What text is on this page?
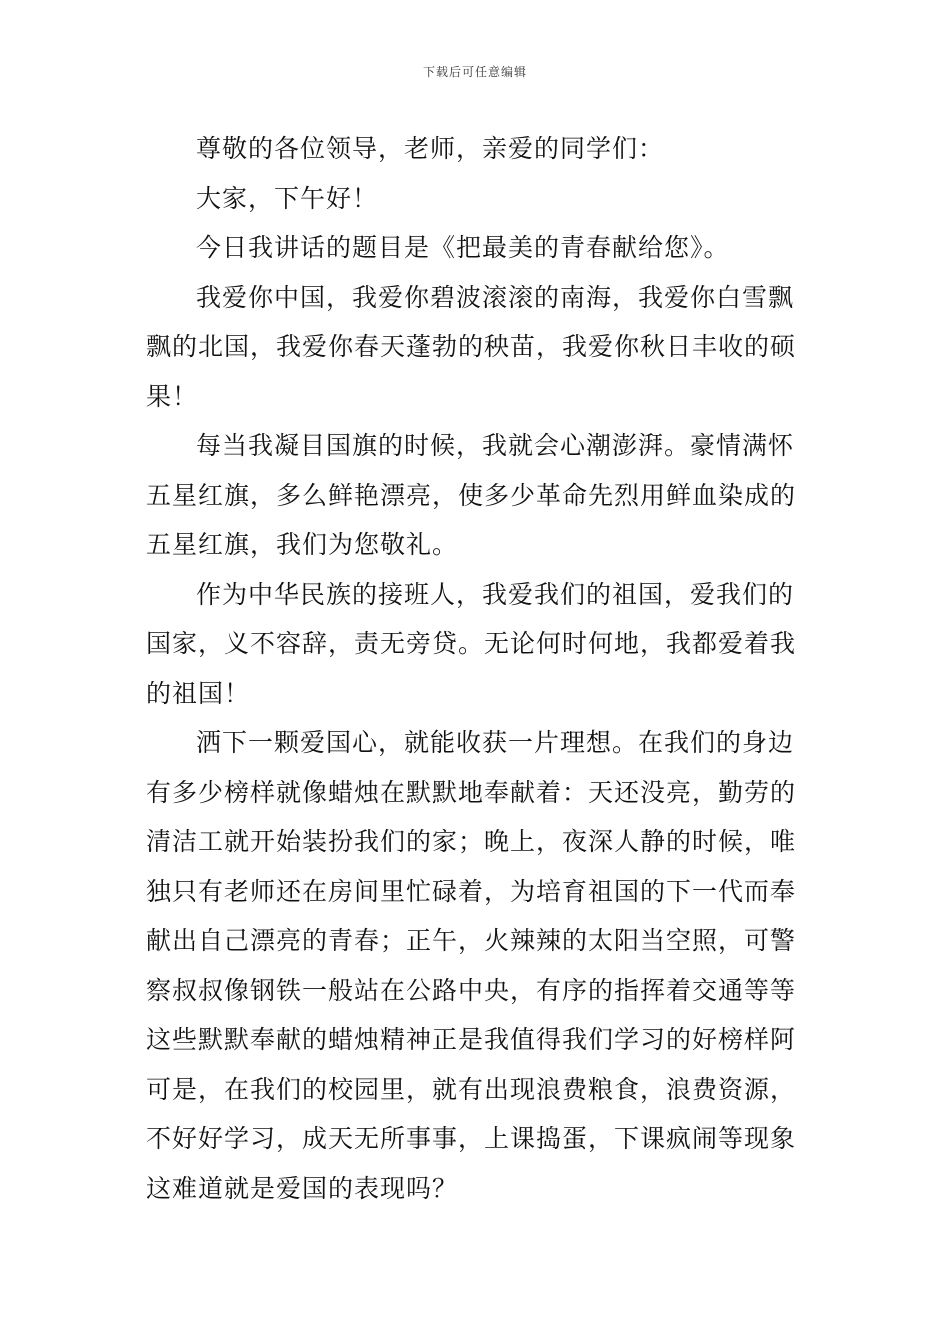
下载后可任意编辑

尊敬的各位领导，老师，亲爱的同学们：

大家，下午好！

今日我讲话的题目是《把最美的青春献给您》。

我爱你中国，我爱你碧波滚滚的南海，我爱你白雪飘飘的北国，我爱你春天蓬勃的秧苗，我爱你秋日丰收的硕果！

每当我凝目国旗的时候，我就会心潮澎湃。豪情满怀五星红旗，多么鲜艳漂亮，使多少革命先烈用鲜血染成的五星红旗，我们为您敬礼。

作为中华民族的接班人，我爱我们的祖国，爱我们的国家，义不容辞，责无旁贷。无论何时何地，我都爱着我的祖国！

洒下一颗爱国心，就能收获一片理想。在我们的身边有多少榜样就像蜡烛在默默地奉献着：天还没亮，勤劳的清洁工就开始装扮我们的家；晚上，夜深人静的时候，唯独只有老师还在房间里忙碌着，为培育祖国的下一代而奉献出自己漂亮的青春；正午，火辣辣的太阳当空照，可警察叔叔像钢铁一般站在公路中央，有序的指挥着交通等等这些默默奉献的蜡烛精神正是我值得我们学习的好榜样阿可是，在我们的校园里，就有出现浪费粮食，浪费资源，不好好学习，成天无所事事，上课捣蛋，下课疯闹等现象这难道就是爱国的表现吗？
